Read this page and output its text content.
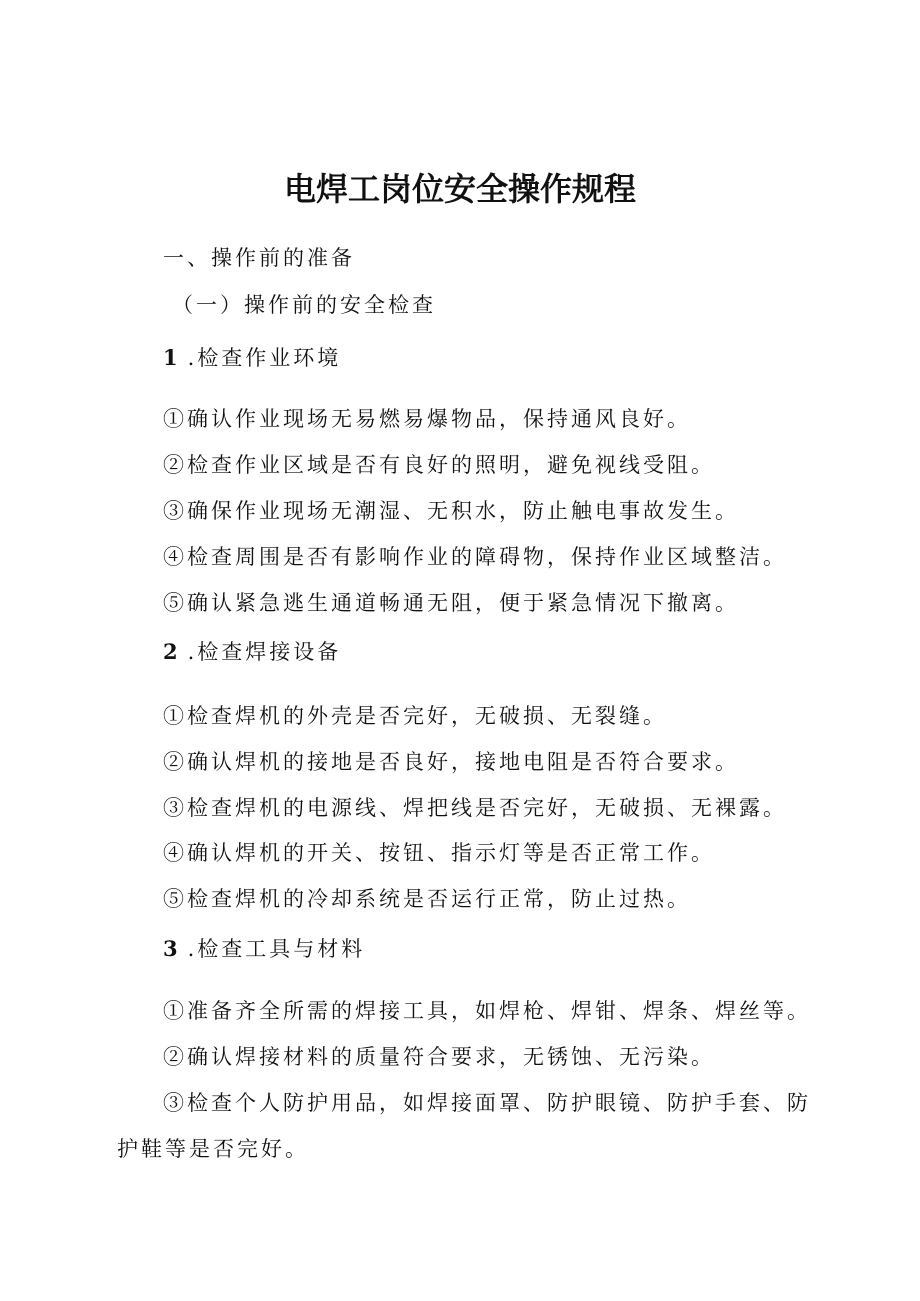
电焊工岗位安全操作规程
一、操作前的准备
（一）操作前的安全检查
1 .检查作业环境
①确认作业现场无易燃易爆物品，保持通风良好。
②检查作业区域是否有良好的照明，避免视线受阻。
③确保作业现场无潮湿、无积水，防止触电事故发生。
④检查周围是否有影响作业的障碍物，保持作业区域整洁。
⑤确认紧急逃生通道畅通无阻，便于紧急情况下撤离。
2 .检查焊接设备
①检查焊机的外壳是否完好，无破损、无裂缝。
②确认焊机的接地是否良好，接地电阻是否符合要求。
③检查焊机的电源线、焊把线是否完好，无破损、无裸露。
④确认焊机的开关、按钮、指示灯等是否正常工作。
⑤检查焊机的冷却系统是否运行正常，防止过热。
3 .检查工具与材料
①准备齐全所需的焊接工具，如焊枪、焊钳、焊条、焊丝等。
②确认焊接材料的质量符合要求，无锈蚀、无污染。
③检查个人防护用品，如焊接面罩、防护眼镜、防护手套、防
护鞋等是否完好。
